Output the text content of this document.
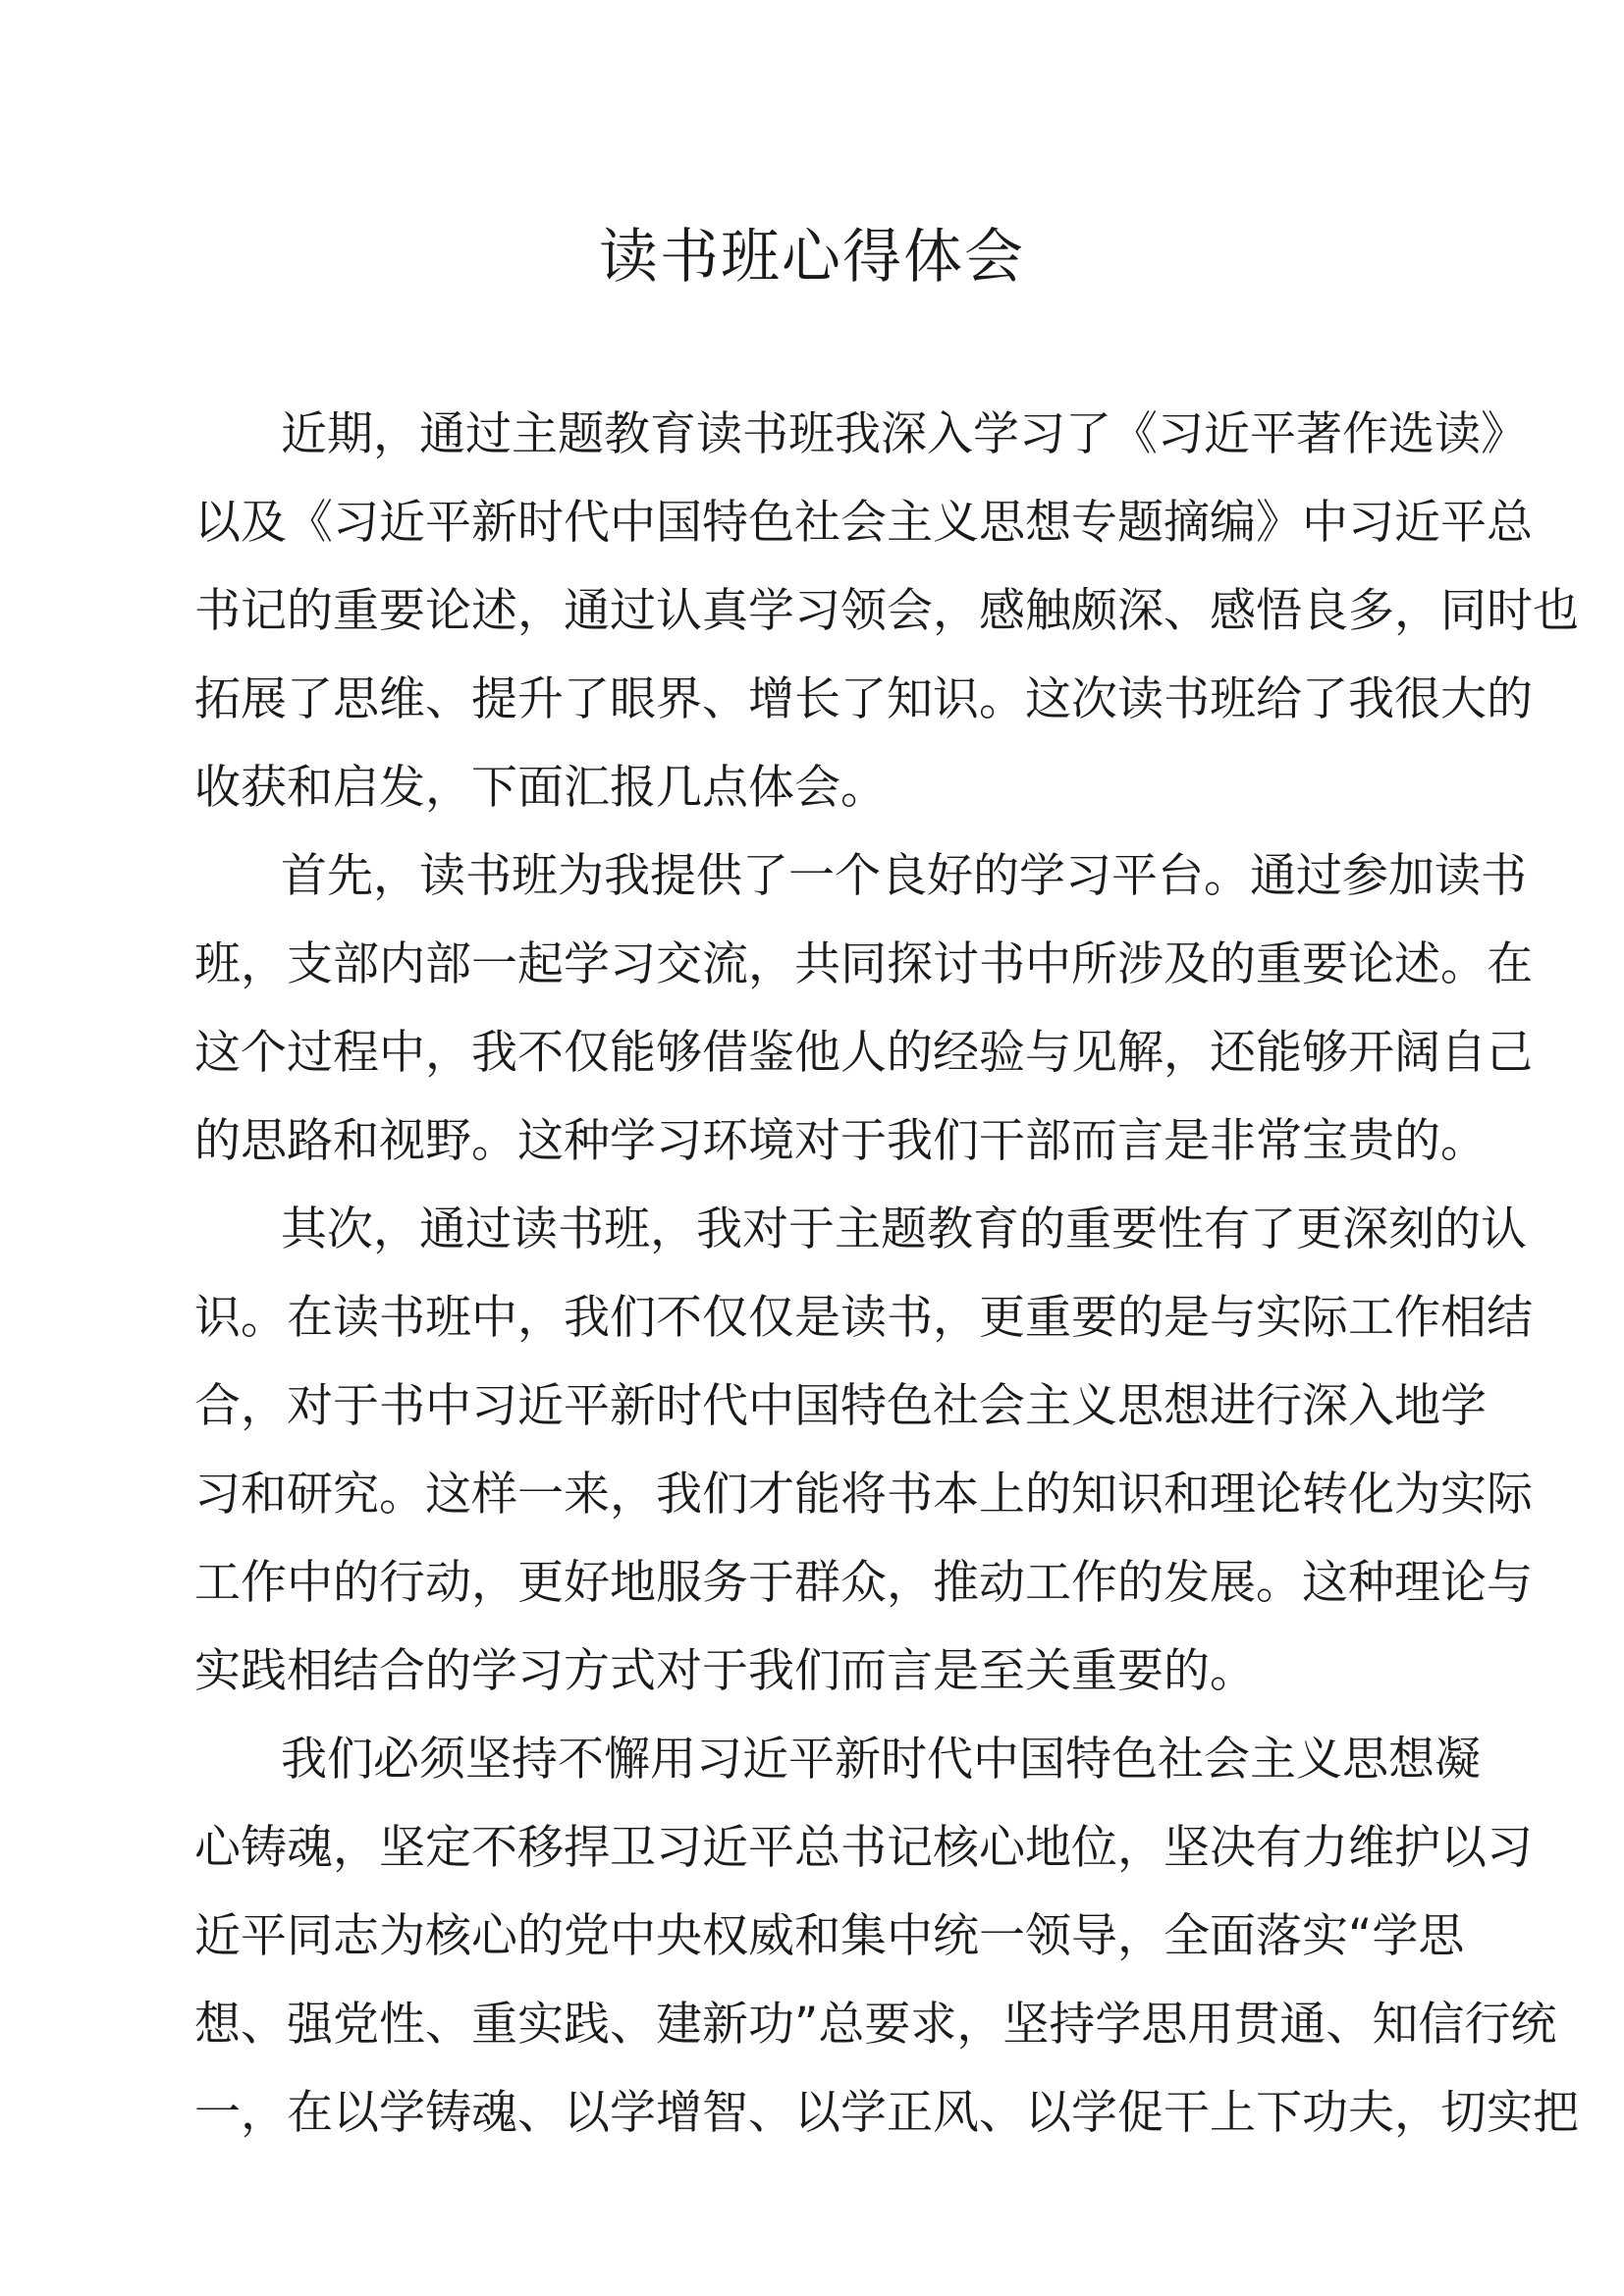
读书班心得体会
近期，通过主题教育读书班我深入学习了《习近平著作选读》
以及《习近平新时代中国特色社会主义思想专题摘编》中习近平总
书记的重要论述，通过认真学习领会，感触颇深、感悟良多，同时也
拓展了思维、提升了眼界、增长了知识。这次读书班给了我很大的
收获和启发，下面汇报几点体会。
首先，读书班为我提供了一个良好的学习平台。通过参加读书
班，支部内部一起学习交流，共同探讨书中所涉及的重要论述。在
这个过程中，我不仅能够借鉴他人的经验与见解，还能够开阔自己
的思路和视野。这种学习环境对于我们干部而言是非常宝贵的。
其次，通过读书班，我对于主题教育的重要性有了更深刻的认
识。在读书班中，我们不仅仅是读书，更重要的是与实际工作相结
合，对于书中习近平新时代中国特色社会主义思想进行深入地学
习和研究。这样一来，我们才能将书本上的知识和理论转化为实际
工作中的行动，更好地服务于群众，推动工作的发展。这种理论与
实践相结合的学习方式对于我们而言是至关重要的。
我们必须坚持不懈用习近平新时代中国特色社会主义思想凝
心铸魂，坚定不移捍卫习近平总书记核心地位，坚决有力维护以习
近平同志为核心的党中央权威和集中统一领导，全面落实“学思
想、强党性、重实践、建新功”总要求，坚持学思用贯通、知信行统
一，在以学铸魂、以学增智、以学正风、以学促干上下功夫，切实把
